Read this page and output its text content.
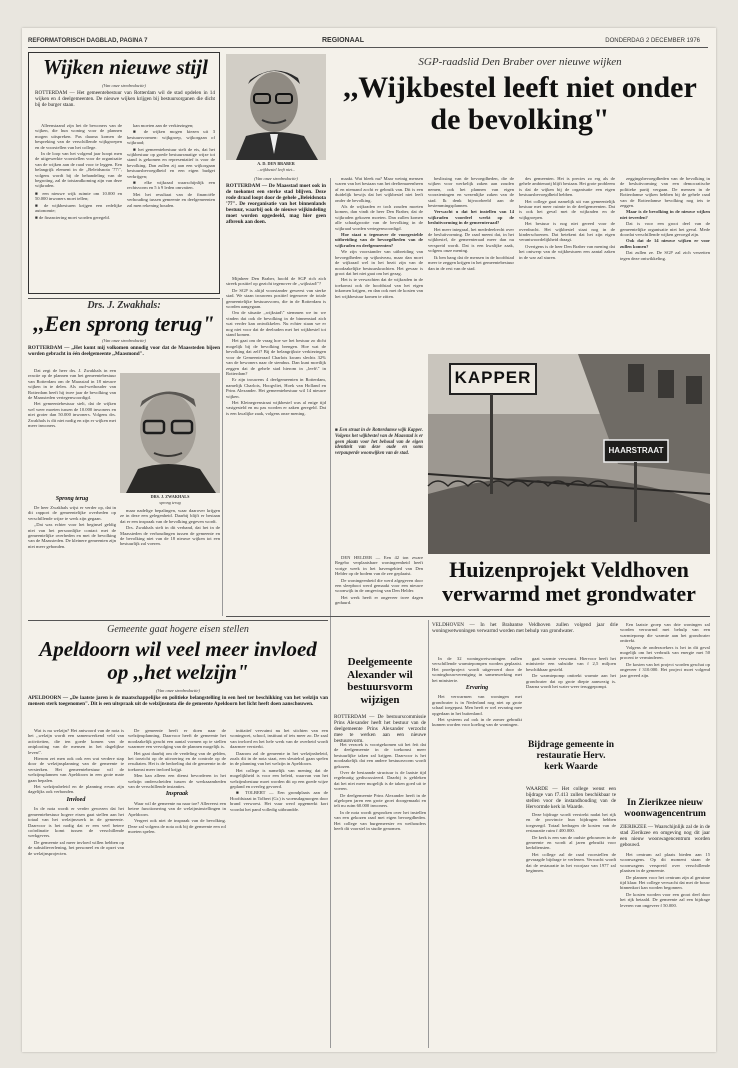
REFORMATORISCH DAGBLAD, PAGINA 7	REGIONAAL	DONDERDAG 2 DECEMBER 1976
Wijken nieuwe stijl
(Van onze stredredactie)
ROTTERDAM — Het gemeentebestuur van Rotterdam wil de stad opdelen in 14 wijken en 4 deelgemeenten. De nieuwe wijken krijgen bij bestuursorganen die dicht bij de burger staan.

Alleenstaand zijn het de bewoners van de wijken, die hun woning voor de plannen mogen uitspreken. Pas daarna komen de bespreking van de verschillende wijkgroepen en de voorstellen van het college.

In de loop van het volgend jaar hoopt men de uitgewerkte voorstellen voor de organisatie van de wijken aan de raad voor te leggen. Een belangrijk element in de ,,Beleidsnota '77\", volgens wordt bij de behandeling van de begroting, zal de totstandkoming zijn van deze wijkraden.

■ een nieuwe wijk ruimte om 10.000 en 50.000 inwoners moet tellen;

■ de wijkbesturen krijgen een redelijke autonomie;

■ de financiering moet worden geregeld.

kan moeten aan de verkiezingen;

■ de wijken mogen kiezen uit 3 bestuursvormen: wijkgroep, wijkorgaan of wijkraad;

■ het gemeentebestuur stelt de eis, dat het wijkbestuur op goede bestuursmatige wijze tot stand is gekomen en representatief is voor de bevolking. Dan zullen zij aan een wijkorgaan bestuursbevoegdheid en een eigen budget verkrijgen;

■ elke wijkraad waarschijnlijk een rechtsvorm en 5 à 9 leden omvatten.

Met het resultaat van de financiële verhouding tussen gemeente en deelgemeenten zal men rekening houden.

A. D. DEN BRABER
...wijkbestel leeft niet...
SGP-raadslid Den Braber over nieuwe wijken
,,Wijkbestel leeft niet onder de bevolking"
(Van onze stredredactie)
ROTTERDAM — De Maasstad moet ook in de toekomst een sterke stad blijven. Deze rode draad loopt door de gehele ,,Beleidsnota '77". De reorganisatie van het binnenlands bestuur, waarbij ook de nieuwe wijkindeling moet worden opgedeeld, mag hier geen afbreuk aan doen.

Mijnheer Den Braber, hoofd de SGP rich zich streek positief op gezicht tegenover de ,,wijkstad\"?

De SGP is altijd voorstander geweest van sterke stad. We staan trouwens positief tegenover de totale gemeentelijke bestuursvorm, die in de Rotterdam is worden aangegaan.

Om de situatie ,,wijkstad\" stemmen we in: we vinden dat ook de bevolking in de binnenstad zich wat verder kan ontwikkelen. Nu echter staan we er nog niet voor dat de deelraden met het wijkbestel tot stand komen.

Het gaat om de vraag hoe we het bestuur zo dicht mogelijk bij de bevolking brengen. Hoe wat de bevolking dat zelf? Bij de belangrijkste verkiezingen voor de Gemeenteraad Charlois kwam slechts 32% van de bewoners naar de stembus. Dan kunt moeilijk zeggen dat de gehele stad hierom in ,,leeft\" in Rotterdam?

Er zijn trouwens 4 deelgemeenten in Rotterdam, namelijk Charlois, Hoogvliet, Hoek van Holland en Prins Alexander. Het gemeentebestuur wil 14 nieuwe wijken.

Het Kleinegrenstraat wijkbestel was al enige tijd vastgesteld en nu pas worden er zaken geregeld. Dat is een kwalijke zaak, volgens onze mening.

maakt. Wat bleek nu? Maar weinig mensen waren van het bestaan van het deeltemaeenheen af en niemand zocht er gebruik van. Dit is een duidelijk bewijs dat het wijkbestel niet leeft onder de bevolking.

Als de wijkraden er toch zouden moeten komen, dan vindt de heer Den Braber, dat de wijkraden gekozen moeten. Dan zullen komen alle schaalgrootte van de bevolking in de wijkraad worden vertegenwoordigd.

Hoe staat u tegenover de voorgestelde uitbreiding van de bevoegdheden van de wijkraden en deelgemeenten?

We zijn voorstander van uitbreiding van bevoegdheden op wijkniveau, maar dan moet de wijkraad wel in het bezit zijn van de noodzakelijke bestuurskrachten. Het gevaar is groot dat het niet gaat om het gezag.

Het is te verwachten dat de wijkraden in de toekomst ook de hoofdstad van het eigen inkomen krijgen, en dan ook met de kosten van het wijkbestuur komen te zitten.

beslissing van de bevoegdheden, die de wijken voor werkelijk zaken aan zouden nemen, ook het plannen van eigen voorzieningen en wezenlijke zaken van de stad. Ik denk bijvoorbeeld aan de bestemmingsplannen.

Verwacht u dat het instellen van 14 wijkraden voordeel werkt op de besluitvorming in de gemeenteraad?

Het meer integraal, het mededeelrecht over de besluitvorming. De raad meent dat, in het wijkbestel, de gemeenteraad meer dan nu verspreid wordt. Dat is een kwalijke zaak, volgens onze mening.

Ik ben bang dat de mensen in de hoofdstad meer te zeggen krijgen in het gemeentebestuur dan in de rest van de stad.

des gemeenten. Het is precies zo erg als de gehele ambtenarij blijft bestaan. Het grote probleem is dat de wijken bij de organisatie een eigen bestuursbevoegdheid hebben.

Het college gaat namelijk uit van gemeentelijk bestuur met meer ruimte in de deelgemeenten. Dat is ook het geval met de wijkraden en de wijkgroepen.

Het bestuur is nog niet gereed voor de overdracht. Het wijkbestel staat nog in de kinderschoenen. Dat betekent dat het zijn eigen verantwoordelijkheid draagt.

Overigens is de heer Den Braber van mening dat het ontwerp van de wijkbesturen een aantal zaken in de war zal sturen.

zeggingsbevoegdheden van de bevolking in de besluitvorming van een democratische politieke partij vergaan. De mensen in de Rotterdamse wijken hebben bij de gehele raad van de Rotterdamse bevolking nog iets te zeggen.

Maar is de bevolking in de nieuwe wijken niet tevreden?

Dat is voor een groot deel van de gemeentelijke organisatie niet het geval. Mede doordat verschillende wijken gevoegd zijn.

Ook dat de 14 nieuwe wijken er voor zullen komen?

Dat zullen ze. De SGP zal zich verzetten tegen deze ontwikkeling.

KAPPER
HAARSTRAAT

■ Een straat in de Rotterdamse wijk Kapper. Volgens het wijkbestel van de Maasstad is er geen plaats voor het behoud van de eigen identiteit van deze oude en soms verpauperde woonwijken van de stad.

Drs. J. Zwakhals:
,,Een sprong terug"
(Van onze stredredactie)
ROTTERDAM — ,,Het komt mij volkomen onnodig voor dat de Maassteden bijeen worden gebracht in één deelgemeente ,,Maasmond".

Dat zegt de heer drs. J. Zwakhals in een reactie op de plannen van het gemeentebestuur van Rotterdam om de Maasstad in 18 nieuwe wijken in te delen. Als oud-wethouder van Rotterdam heeft hij twee jaar de bevolking van de Maassteden vertegenwoordigd.

Het gemeentebestuur stelt, dat de wijken wel weer moeten tussen de 10.000 inwoners en niet groter dan 50.000 inwoners. Volgens drs. Zwakhals is dit niet nodig en zijn er wijken met meer inwoners.

DRS. J. ZWAKHALS
sprong terug
Sprong terug

De heer Zwakhals wijst er verder op, dat in dit rapport de gemeentelijke overheden op verschillende wijze te werk zijn gegaan.

,,Dat was echter voor het beginsel geldig niet van het persoonlijke contact met de gemeentelijke overheden en met de bevolking van de Maassteden. De kleinere gemeenten zijn niet meer gebonden.

maar nadelige bepalingen, waar daarover krijgen ze in deze een gelegenheid. Daarbij blijft er bestaan dat er een inspraak van de bevolking gegeven wordt.

Drs. Zwakhals stelt in dit verband, dat het in de Maassteden de verhoudingen tussen de gemeente en de bevolking niet van de 18 nieuwe wijken tot een bestuurlijk zal voeren.

DEN HELDER — Een 42 ton zware Regebo verplaatsbare woningeenheid heeft vorige week in het havengebied van Den Helder op de bodem van de zee geplaatst.

De woningeenheid die werd afgegeven door een sleepboot werd gemaakt voor een nieuwe woonwijk in de omgeving van Den Helder.

Het werk heeft er ongeveer twee dagen geduurd.

Huizenprojekt Veldhoven verwarmd met grondwater
Gemeente gaat hogere eisen stellen
Apeldoorn wil veel meer invloed op ,,het welzijn"
(Van onze stredredactie)
APELDOORN — ,,De laatste jaren is de maatschappelijke en politieke belangstelling in een heel ter beschikking van het welzijn van mensen sterk toegenomen". Dit is een uitspraak uit de welzijnsnota die de gemeente Apeldoorn het licht heeft doen aanschouwen.

Wat is nu welzijn? Het antwoord van de nota is het ,,welzijn wordt een samenwerkend veld van activiteiten, die ten goede komen van de ontplooiing van de mensen in het dagelijkse leven\".

Hierom zet men ook ook een wat verdere stap door de welzijnsplanning van de gemeente te versterken. Het gemeentebestuur wil de welzijnsplannen van Apeldoorn in een grote mate gaan bepalen.

Het welzijnsbeleid en de planning ervan zijn dagelijks ook verbonden.

Invloed

In de nota wordt er verder gewezen dat het gemeentebestuur hogere eisen gaat stellen aan het totaal van het welzijnswerk in de gemeente. Daarvoor is het nodig dat er een veel betere coördinatie komt tussen de verschillende werkgevers.

De gemeente zal meer invloed willen hebben op de subsidieverlening, het personeel en de opzet van de welzijnsprojecten.

De gemeente heeft er doen naar de welzijnsplanning. Daarvoor heeft de gemeente het noodzakelijk geacht een aantal vormen op te stellen waarmee een vervolging van de plannen mogelijk is.

Het gaat daarbij om de verdeling van de gelden, het toezicht op de uitvoering en de controle op de resultaten. Het is de bedoeling dat de gemeente in de toekomst meer invloed krijgt.

Men kan alleen een dienst bevorderen in het welzijn onderscheiden tussen de werkzaamheden van de verschillende instanties.

Inspraak

Waar wil de gemeente nu naar toe? Allereerst een betere functionering van de welzijnsinstellingen in Apeldoorn.

Vergeet ook niet de inspraak van de bevolking. Deze zal volgens de nota ook bij de gemeente een rol moeten spelen.

initiatief vervuimt nu het stichten van een woningwet, school, instituut of iets meer zo. De zaal van invloed en het hele werk van de overheid wordt daarmee versterkt.

Daarom zal de gemeente in het welzijnsbeleid, zoals dit in de nota staat, een sleutelrol gaan spelen in de planning van het welzijn in Apeldoorn.

Het college is namelijk van mening dat de mogelijkheid is voor een beleid, waarvan van het welzijnsbestuur moet worden dit op een goede wijze gepland en overleg gevoerd.

■ TOLBERT — Een grondplaats aan de Hoofdstraat in Tolbert (Gr.) is woensdagmorgen door brand verwoest. Het vuur werd opgemerkt kort voordat het pand volledig uitbrandde.

Deelgemeente Alexander wil bestuursvorm wijzigen
ROTTERDAM — De bestuurscommissie Prins Alexander heeft het bestuur van de deelgemeente Prins Alexander verzocht mee te werken aan een nieuwe bestuursvorm.

Het verzoek is voortgekomen uit het feit dat de deelgemeente in de toekomst meer bestuurlijke taken zal krijgen. Daarvoor is het noodzakelijk dat een andere bestuursvorm wordt gekozen.

Over de bestaande structuur is de laatste tijd regelmatig gediscussieerd. Daarbij is gebleken dat het niet meer mogelijk is de taken goed uit te voeren.

De deelgemeente Prins Alexander heeft in de afgelopen jaren een grote groei doorgemaakt en telt nu ruim 60.000 inwoners.

In de nota wordt gesproken over het instellen van een gekozen raad met eigen bevoegdheden. Het college van burgemeester en wethouders heeft dit voorstel in studie genomen.

VELDHOVEN — In het Brabantse Veldhoven zullen volgend jaar drie woningwetwoningen verwarmd worden met behulp van grondwater.

In de 32 woningwetwoningen zullen verschillende warmtepompen worden geplaatst. Het proefproject wordt uitgevoerd door de woningbouwvereniging in samenwerking met het ministerie.

Ervaring

Het verwarmen van woningen met grondwater is in Nederland nog niet op grote schaal toegepast. Men heeft er wel ervaring mee opgedaan in het buitenland.

Het systeem zal ook in de zomer gebruikt kunnen worden voor koeling van de woningen.

gaat warmte verwarmt. Hiervoor heeft het ministerie een subsidie van f 2,5 miljoen beschikbaar gesteld.

De warmtepomp onttrekt warmte aan het grondwater dat op grote diepte aanwezig is. Daarna wordt het water weer teruggepompt.

Een laatste groep van drie woningen zal worden verwarmd met behulp van een warmtepomp die warmte aan het grondwater onttrekt.

Volgens de onderzoekers is het in dit geval mogelijk om het verbruik van energie met 50 procent te verminderen.

De kosten van het project worden geschat op ongeveer f 310.000. Het project moet volgend jaar gereed zijn.

Bijdrage gemeente in restauratie Herv. kerk Waarde
WAARDE — Het college wenst een bijdrage van f7.413 zullen beschikbaar te stellen voor de instandhouding van de Hervormde kerk in Waarde.

Deze bijdrage wordt verstrekt nadat het rijk en de provincie hun bijdragen hebben toegezegd. Totaal bedragen de kosten van de restauratie ruim f 400.000.

De kerk is een van de oudste gebouwen in de gemeente en wordt al jaren gebruikt voor kerkdiensten.

Het college zal de raad voorstellen de gevraagde bijdrage te verlenen. Verwacht wordt dat de restauratie in het voorjaar van 1977 zal beginnen.

In Zierikzee nieuw woonwagencentrum
ZIERIKZEE — Waarschijnlijk zal de in de stad Zierikzee en omgeving nog dit jaar een nieuw woonwagencentrum worden gebouwd.

Het centrum zal plaats bieden aan 15 woonwagens. Op dit moment staan de woonwagens verspreid over verschillende plaatsen in de gemeente.

De plannen voor het centrum zijn al geruime tijd klaar. Het college verwacht dat met de bouw binnenkort kan worden begonnen.

De kosten worden voor een groot deel door het rijk betaald. De gemeente zal een bijdrage leveren van ongeveer f 50.000.
